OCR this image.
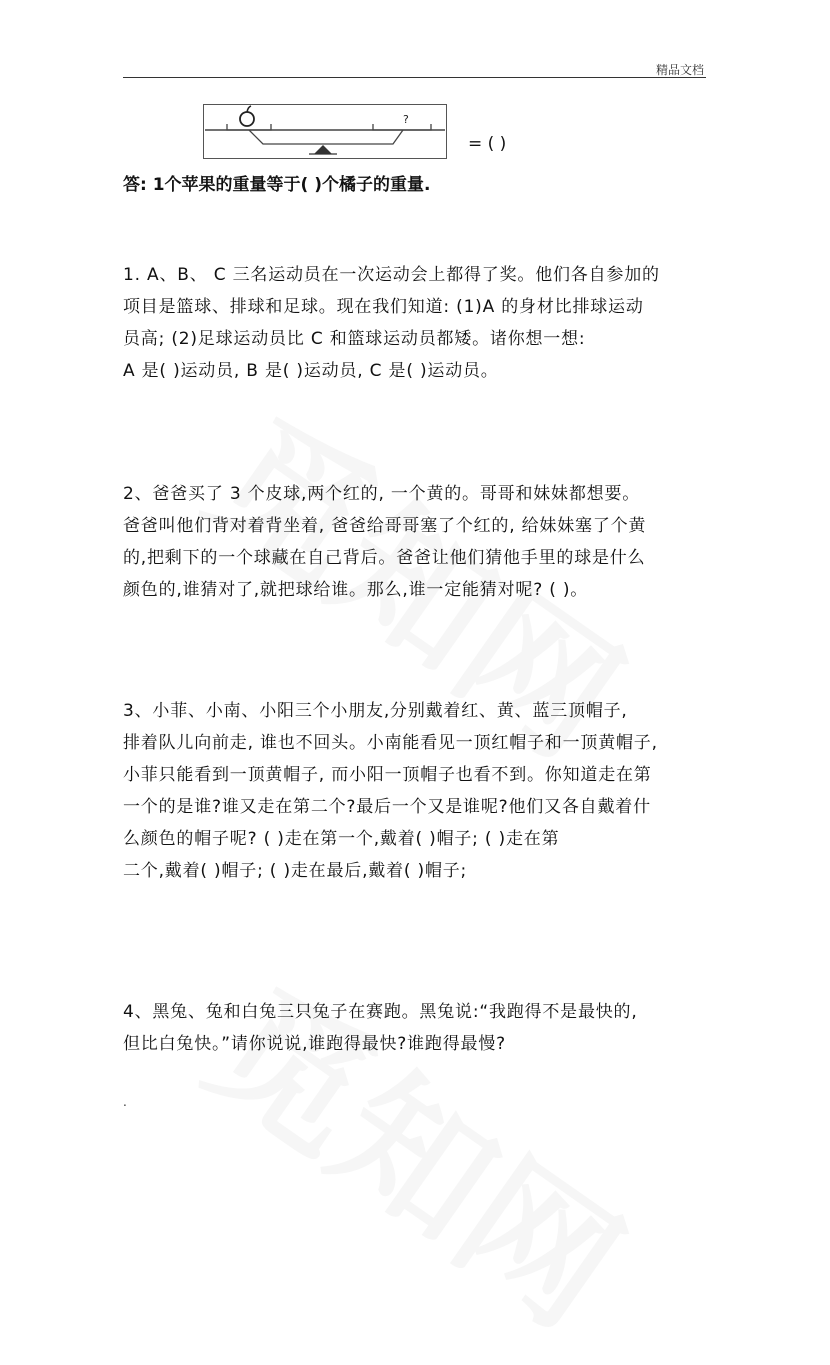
精品文档
?
= ( )
答: 1个苹果的重量等于( )个橘子的重量.
1. A、B、 C 三名运动员在一次运动会上都得了奖。他们各自参加的
项目是篮球、排球和足球。现在我们知道: (1)A 的身材比排球运动
员高; (2)足球运动员比 C 和篮球运动员都矮。诸你想一想:
A 是( )运动员, B 是( )运动员, C 是( )运动员。
2、爸爸买了 3 个皮球,两个红的, 一个黄的。哥哥和妹妹都想要。
爸爸叫他们背对着背坐着, 爸爸给哥哥塞了个红的, 给妹妹塞了个黄
的,把剩下的一个球藏在自己背后。爸爸让他们猜他手里的球是什么
颜色的,谁猜对了,就把球给谁。那么,谁一定能猜对呢? ( )。
3、小菲、小南、小阳三个小朋友,分别戴着红、黄、蓝三顶帽子,
排着队儿向前走, 谁也不回头。小南能看见一顶红帽子和一顶黄帽子,
小菲只能看到一顶黄帽子, 而小阳一顶帽子也看不到。你知道走在第
一个的是谁?谁又走在第二个?最后一个又是谁呢?他们又各自戴着什
么颜色的帽子呢? ( )走在第一个,戴着( )帽子; ( )走在第
二个,戴着( )帽子; ( )走在最后,戴着( )帽子;
4、黑兔、兔和白兔三只兔子在赛跑。黑兔说:“我跑得不是最快的,
但比白兔快。”请你说说,谁跑得最快?谁跑得最慢?
.
